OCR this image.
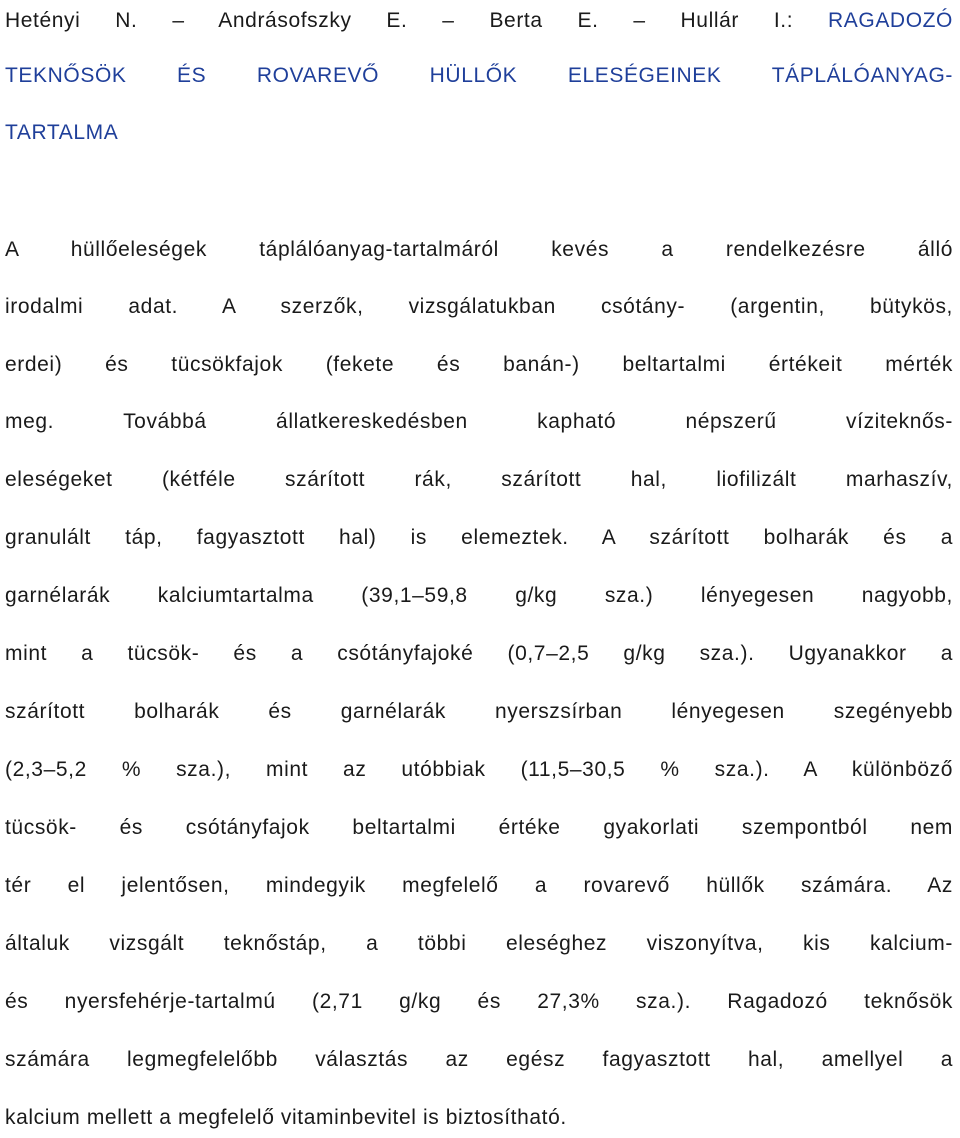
Hetényi N. – Andrásofszky E. – Berta E. – Hullár I.: RAGADOZÓ
TEKNŐSÖK ÉS ROVAREVŐ HÜLLŐK ELESÉGEINEK TÁPLÁLÓANYAG-
TARTALMA
A hüllőeleségek táplálóanyag-tartalmáról kevés a rendelkezésre álló
irodalmi adat. A szerzők, vizsgálatukban csótány- (argentin, bütykös,
erdei) és tücsökfajok (fekete és banán-) beltartalmi értékeit mérték
meg. Továbbá állatkereskedésben kapható népszerű víziteknős-
eleségeket (kétféle szárított rák, szárított hal, liofilizált marhaszív,
granulált táp, fagyasztott hal) is elemeztek. A szárított bolharák és a
garnélarák kalciumtartalma (39,1–59,8 g/kg sza.) lényegesen nagyobb,
mint a tücsök- és a csótányfajoké (0,7–2,5 g/kg sza.). Ugyanakkor a
szárított bolharák és garnélarák nyerszsírban lényegesen szegényebb
(2,3–5,2 % sza.), mint az utóbbiak (11,5–30,5 % sza.). A különböző
tücsök- és csótányfajok beltartalmi értéke gyakorlati szempontból nem
tér el jelentősen, mindegyik megfelelő a rovarevő hüllők számára. Az
általuk vizsgált teknőstáp, a többi eleséghez viszonyítva, kis kalcium-
és nyersfehérje-tartalmú (2,71 g/kg és 27,3% sza.). Ragadozó teknősök
számára legmegfelelőbb választás az egész fagyasztott hal, amellyel a
kalcium mellett a megfelelő vitaminbevitel is biztosítható.
